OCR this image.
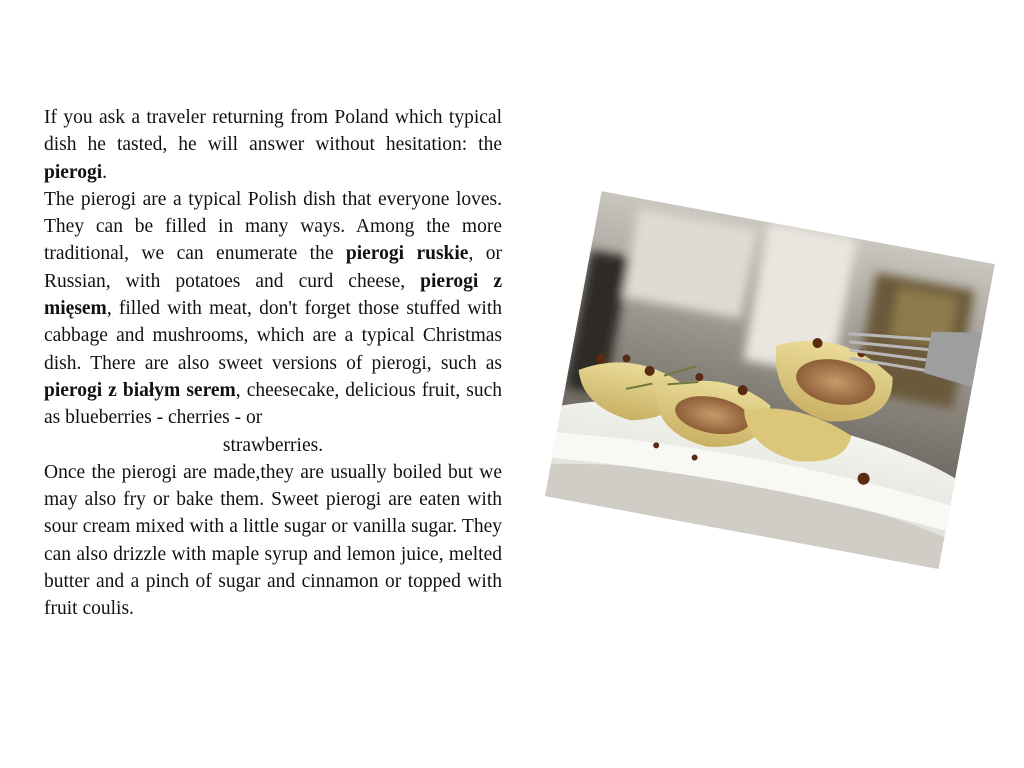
If you ask a traveler returning from Poland which typical dish he tasted, he will answer without hesitation: the pierogi.

The pierogi are a typical Polish dish that everyone loves. They can be filled in many ways. Among the more traditional, we can enumerate the pierogi ruskie, or Russian, with potatoes and curd cheese, pierogi z mięsem, filled with meat, don't forget those stuffed with cabbage and mushrooms, which are a typical Christmas dish. There are also sweet versions of pierogi, such as pierogi z białym serem, cheesecake, delicious fruit, such as blueberries - cherries - or

strawberries.

Once the pierogi are made,they are usually boiled but we may also fry or bake them. Sweet pierogi are eaten with sour cream mixed with a little sugar or vanilla sugar. They can also drizzle with maple syrup and lemon juice, melted butter and a pinch of sugar and cinnamon or topped with fruit coulis.
